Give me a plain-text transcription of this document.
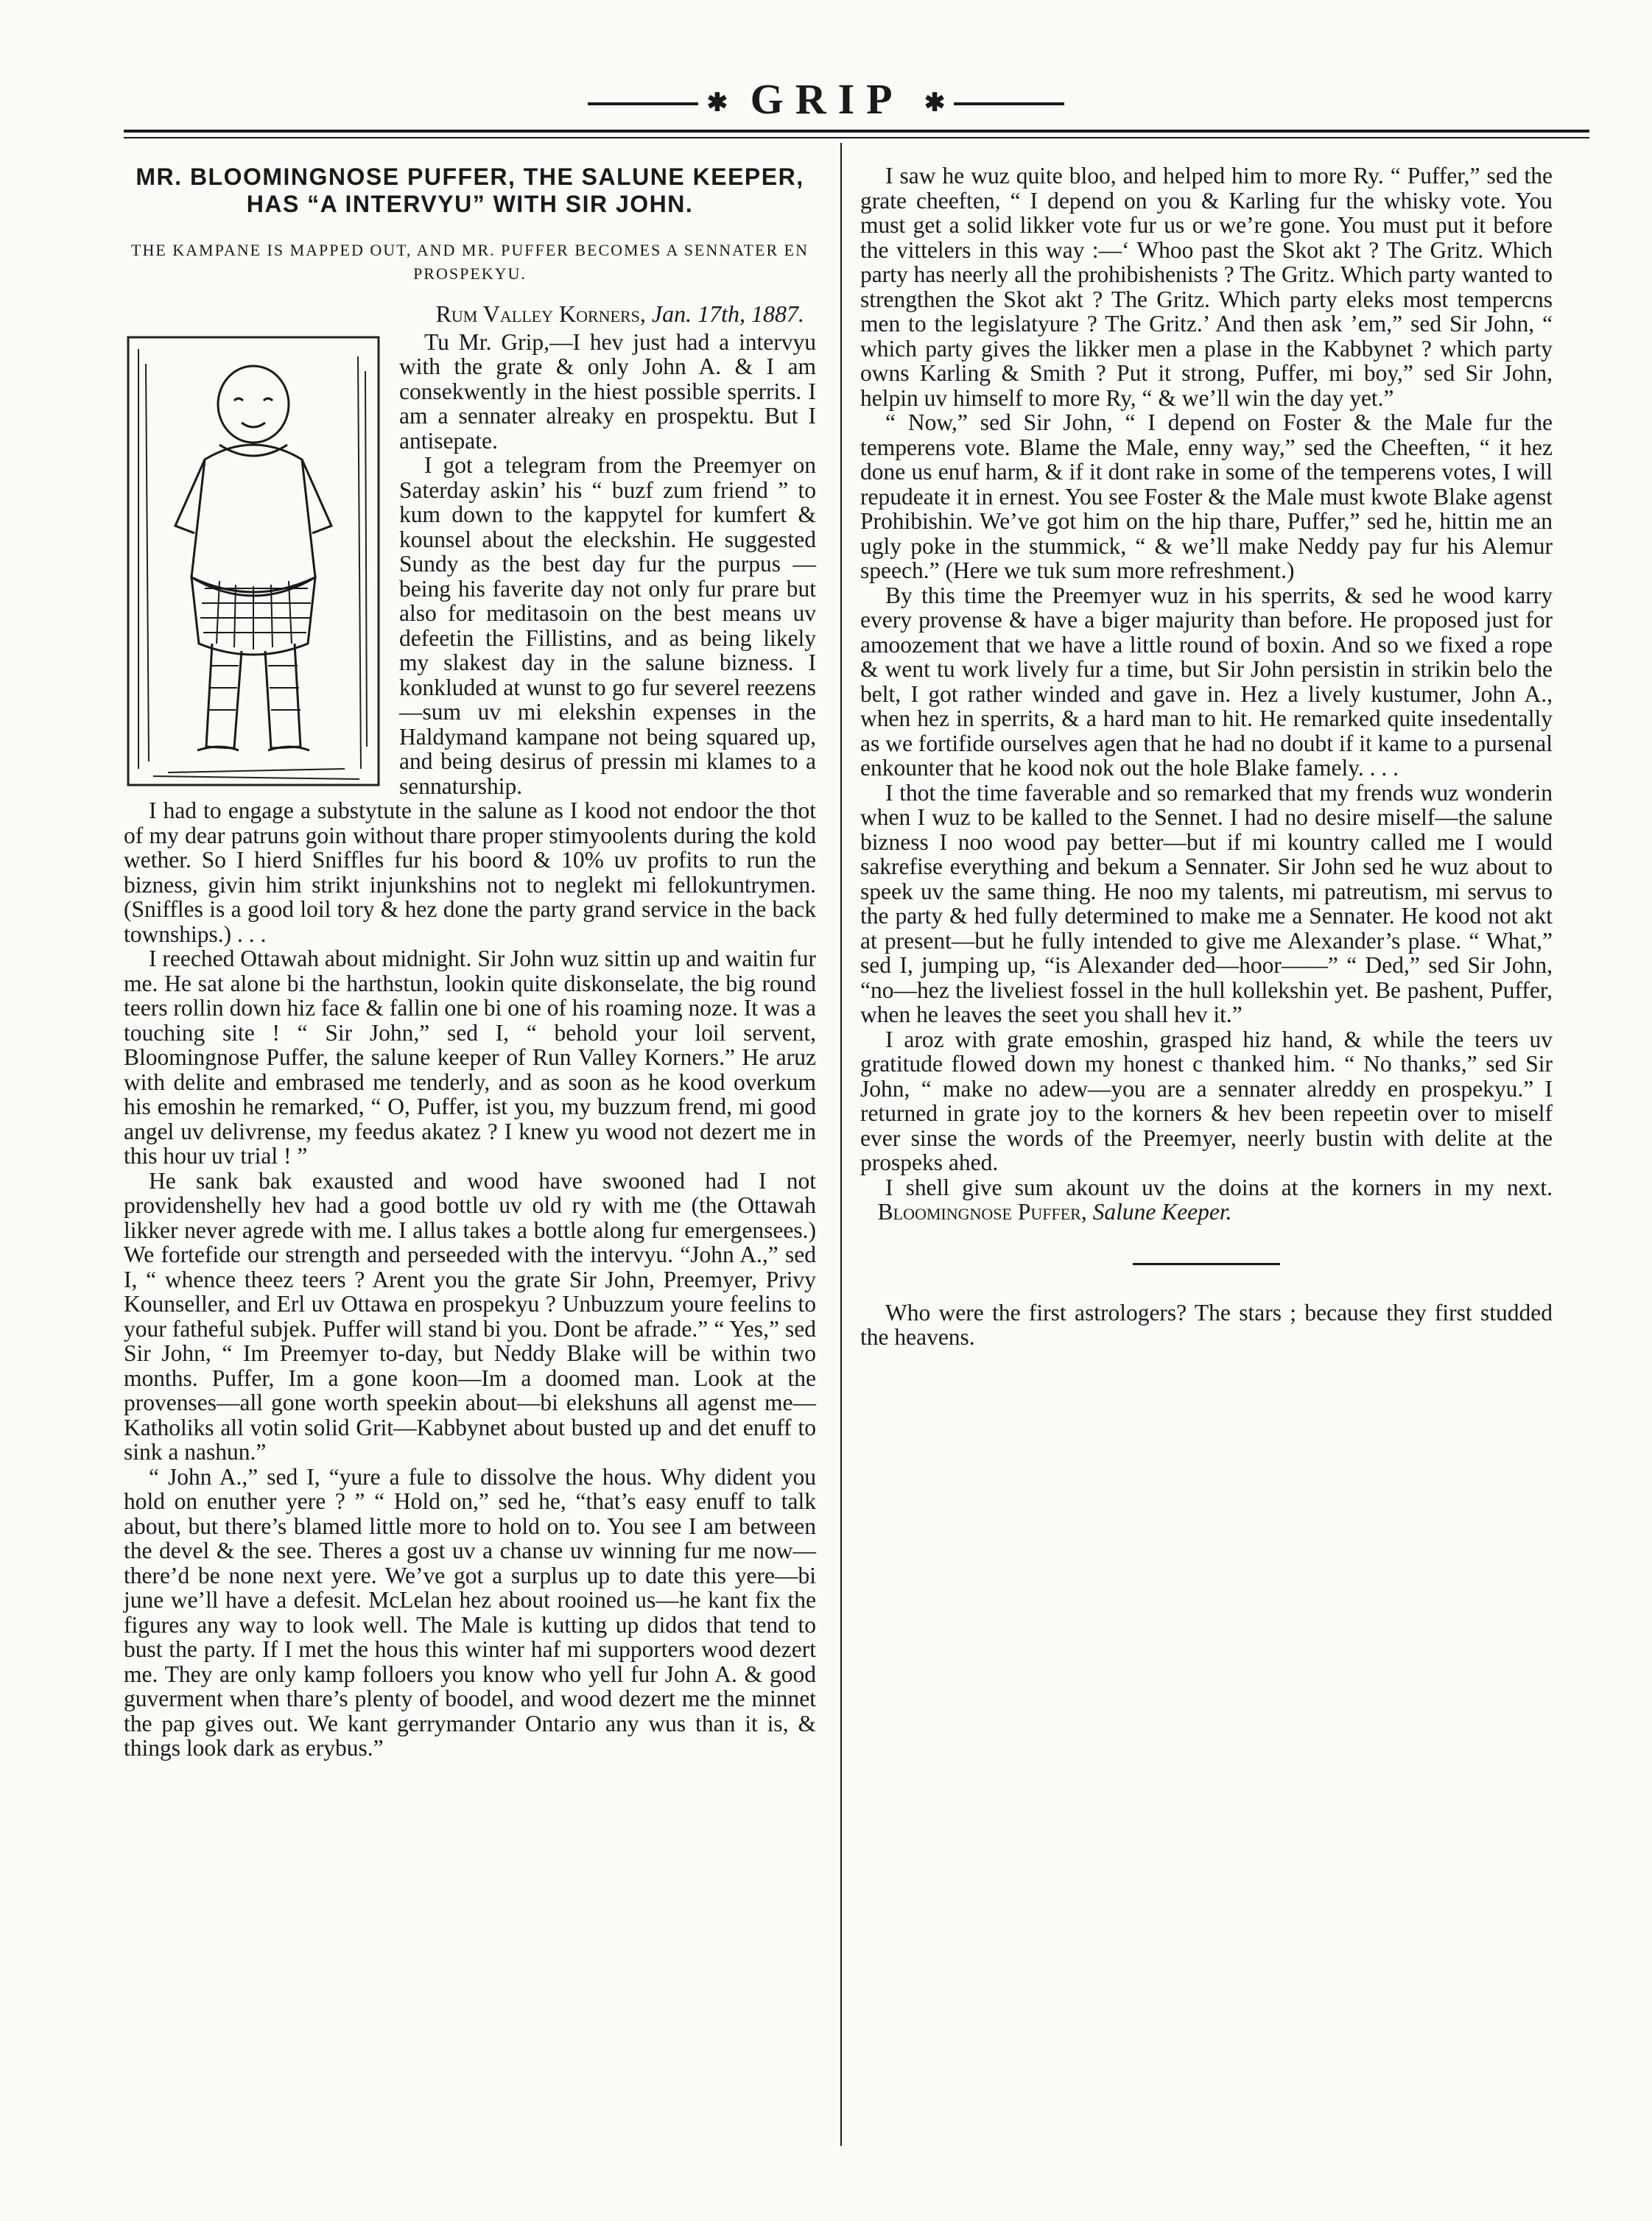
✱ GRIP ✱
MR. BLOOMINGNOSE PUFFER, THE SALUNE KEEPER, HAS “A INTERVYU” WITH SIR JOHN.
THE KAMPANE IS MAPPED OUT, AND MR. PUFFER BECOMES A SENNATER EN PROSPEKYU.
Rum Valley Korners, Jan. 17th, 1887.

Tu Mr. Grip,—I hev just had a intervyu with the grate & only John A. & I am consekwently in the hiest possible sperrits. I am a sennater alreaky en prospektu. But I antisepate.

I got a telegram from the Preemyer on Saterday askin’ his “ buzf zum friend ” to kum down to the kappytel for kumfert & kounsel about the eleckshin. He suggested Sundy as the best day fur the purpus — being his faverite day not only fur prare but also for meditasoin on the best means uv defeetin the Fillistins, and as being likely my slakest day in the salune bizness. I konkluded at wunst to go fur severel reezens—sum uv mi elekshin expenses in the Haldymand kampane not being squared up, and being desirus of pressin mi klames to a sennaturship.

I had to engage a substytute in the salune as I kood not endoor the thot of my dear patruns goin without thare proper stimyoolents during the kold wether. So I hierd Sniffles fur his boord & 10% uv profits to run the bizness, givin him strikt injunkshins not to neglekt mi fellokuntrymen. (Sniffles is a good loil tory & hez done the party grand service in the back townships.) . . .

I reeched Ottawah about midnight. Sir John wuz sittin up and waitin fur me. He sat alone bi the harthstun, lookin quite diskonselate, the big round teers rollin down hiz face & fallin one bi one of his roaming noze. It was a touching site ! “ Sir John,” sed I, “ behold your loil servent, Bloomingnose Puffer, the salune keeper of Run Valley Korners.” He aruz with delite and embrased me tenderly, and as soon as he kood overkum his emoshin he remarked, “ O, Puffer, ist you, my buzzum frend, mi good angel uv delivrense, my feedus akatez ? I knew yu wood not dezert me in this hour uv trial ! ”

He sank bak exausted and wood have swooned had I not providenshelly hev had a good bottle uv old ry with me (the Ottawah likker never agrede with me. I allus takes a bottle along fur emergensees.) We fortefide our strength and perseeded with the intervyu. “John A.,” sed I, “ whence theez teers ? Arent you the grate Sir John, Preemyer, Privy Kounseller, and Erl uv Ottawa en prospekyu ? Unbuzzum youre feelins to your fatheful subjek. Puffer will stand bi you. Dont be afrade.” “ Yes,” sed Sir John, “ Im Preemyer to-day, but Neddy Blake will be within two months. Puffer, Im a gone koon—Im a doomed man. Look at the provenses—all gone worth speekin about—bi elekshuns all agenst me—Katholiks all votin solid Grit—Kabbynet about busted up and det enuff to sink a nashun.”

“ John A.,” sed I, “yure a fule to dissolve the hous. Why dident you hold on enuther yere ? ” “ Hold on,” sed he, “that’s easy enuff to talk about, but there’s blamed little more to hold on to. You see I am between the devel & the see. Theres a gost uv a chanse uv winning fur me now—there’d be none next yere. We’ve got a surplus up to date this yere—bi june we’ll have a defesit. McLelan hez about rooined us—he kant fix the figures any way to look well. The Male is kutting up didos that tend to bust the party. If I met the hous this winter haf mi supporters wood dezert me. They are only kamp folloers you know who yell fur John A. & good guverment when thare’s plenty of boodel, and wood dezert me the minnet the pap gives out. We kant gerrymander Ontario any wus than it is, & things look dark as erybus.”

I saw he wuz quite bloo, and helped him to more Ry. “ Puffer,” sed the grate cheeften, “ I depend on you & Karling fur the whisky vote. You must get a solid likker vote fur us or we’re gone. You must put it before the vittelers in this way :—‘ Whoo past the Skot akt ? The Gritz. Which party has neerly all the prohibishenists ? The Gritz. Which party wanted to strengthen the Skot akt ? The Gritz. Which party eleks most tempercns men to the legislatyure ? The Gritz.’ And then ask ’em,” sed Sir John, “ which party gives the likker men a plase in the Kabbynet ? which party owns Karling & Smith ? Put it strong, Puffer, mi boy,” sed Sir John, helpin uv himself to more Ry, “ & we’ll win the day yet.”

“ Now,” sed Sir John, “ I depend on Foster & the Male fur the temperens vote. Blame the Male, enny way,” sed the Cheeften, “ it hez done us enuf harm, & if it dont rake in some of the temperens votes, I will repudeate it in ernest. You see Foster & the Male must kwote Blake agenst Prohibishin. We’ve got him on the hip thare, Puffer,” sed he, hittin me an ugly poke in the stummick, “ & we’ll make Neddy pay fur his Alemur speech.” (Here we tuk sum more refreshment.)

By this time the Preemyer wuz in his sperrits, & sed he wood karry every provense & have a biger majurity than before. He proposed just for amoozement that we have a little round of boxin. And so we fixed a rope & went tu work lively fur a time, but Sir John persistin in strikin belo the belt, I got rather winded and gave in. Hez a lively kustumer, John A., when hez in sperrits, & a hard man to hit. He remarked quite insedentally as we fortifide ourselves agen that he had no doubt if it kame to a pursenal enkounter that he kood nok out the hole Blake famely. . . .

I thot the time faverable and so remarked that my frends wuz wonderin when I wuz to be kalled to the Sennet. I had no desire miself—the salune bizness I noo wood pay better—but if mi kountry called me I would sakrefise everything and bekum a Sennater. Sir John sed he wuz about to speek uv the same thing. He noo my talents, mi patreutism, mi servus to the party & hed fully determined to make me a Sennater. He kood not akt at present—but he fully intended to give me Alexander’s plase. “ What,” sed I, jumping up, “is Alexander ded—hoor——” “ Ded,” sed Sir John, “no—hez the liveliest fossel in the hull kollekshin yet. Be pashent, Puffer, when he leaves the seet you shall hev it.”

I aroz with grate emoshin, grasped hiz hand, & while the teers uv gratitude flowed down my honest c thanked him. “ No thanks,” sed Sir John, “ make no adew—you are a sennater alreddy en prospekyu.” I returned in grate joy to the korners & hev been repeetin over to miself ever sinse the words of the Preemyer, neerly bustin with delite at the prospeks ahed.

I shell give sum akount uv the doins at the korners in my next.    Bloomingnose Puffer, Salune Keeper.

Who were the first astrologers? The stars ; because they first studded the heavens.
